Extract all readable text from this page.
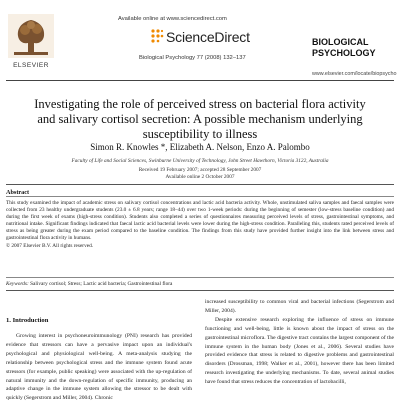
ELSEVIER
Available online at www.sciencedirect.com
ScienceDirect
Biological Psychology 77 (2008) 132–137
BIOLOGICAL
PSYCHOLOGY
www.elsevier.com/locate/biopsycho
Investigating the role of perceived stress on bacterial flora activity and salivary cortisol secretion: A possible mechanism underlying susceptibility to illness
Simon R. Knowles *, Elizabeth A. Nelson, Enzo A. Palombo
Faculty of Life and Social Sciences, Swinburne University of Technology, John Street Hawthorn, Victoria 3122, Australia
Received 19 February 2007; accepted 28 September 2007
Available online 2 October 2007
Abstract
This study examined the impact of academic stress on salivary cortisol concentrations and lactic acid bacteria activity. Whole, unstimulated saliva samples and faecal samples were collected from 23 healthy undergraduate students (23.0 ± 6.8 years; range 18–44) over two 1-week periods: during the beginning of semester (low-stress baseline condition) and during the first week of exams (high-stress condition). Students also completed a series of questionnaires measuring perceived levels of stress, gastrointestinal symptoms, and nutritional intake. Significant findings indicated that faecal lactic acid bacterial levels were lower during the high-stress condition. Paralleling this, students rated perceived levels of stress as being greater during the exam period compared to the baseline condition. The findings from this study have provided further insight into the link between stress and gastrointestinal flora activity in humans.
© 2007 Elsevier B.V. All rights reserved.
Keywords: Salivary cortisol; Stress; Lactic acid bacteria; Gastrointestinal flora
1. Introduction
Growing interest in psychoneuroimmunology (PNI) research has provided evidence that stressors can have a pervasive impact upon an individual's psychological and physiological well-being. A meta-analysis studying the relationship between psychological stress and the immune system found acute stressors (for example, public speaking) were associated with the up-regulation of natural immunity and the down-regulation of specific immunity, producing an adaptive change in the immune system allowing the stressor to be dealt with quickly (Segerstrom and Miller, 2004). Chronic

increased susceptibility to common viral and bacterial infections (Segerstrom and Miller, 2004).

Despite extensive research exploring the influence of stress on immune functioning and well-being, little is known about the impact of stress on the gastrointestinal microflora. The digestive tract contains the largest component of the immune system in the human body (Jones et al., 2006). Several studies have provided evidence that stress is related to digestive problems and gastrointestinal disorders (Drossman, 1998; Walker et al., 2001), however there has been limited research investigating the underlying mechanisms. To date, several animal studies have found that stress reduces the concentration of lactobacilli,
